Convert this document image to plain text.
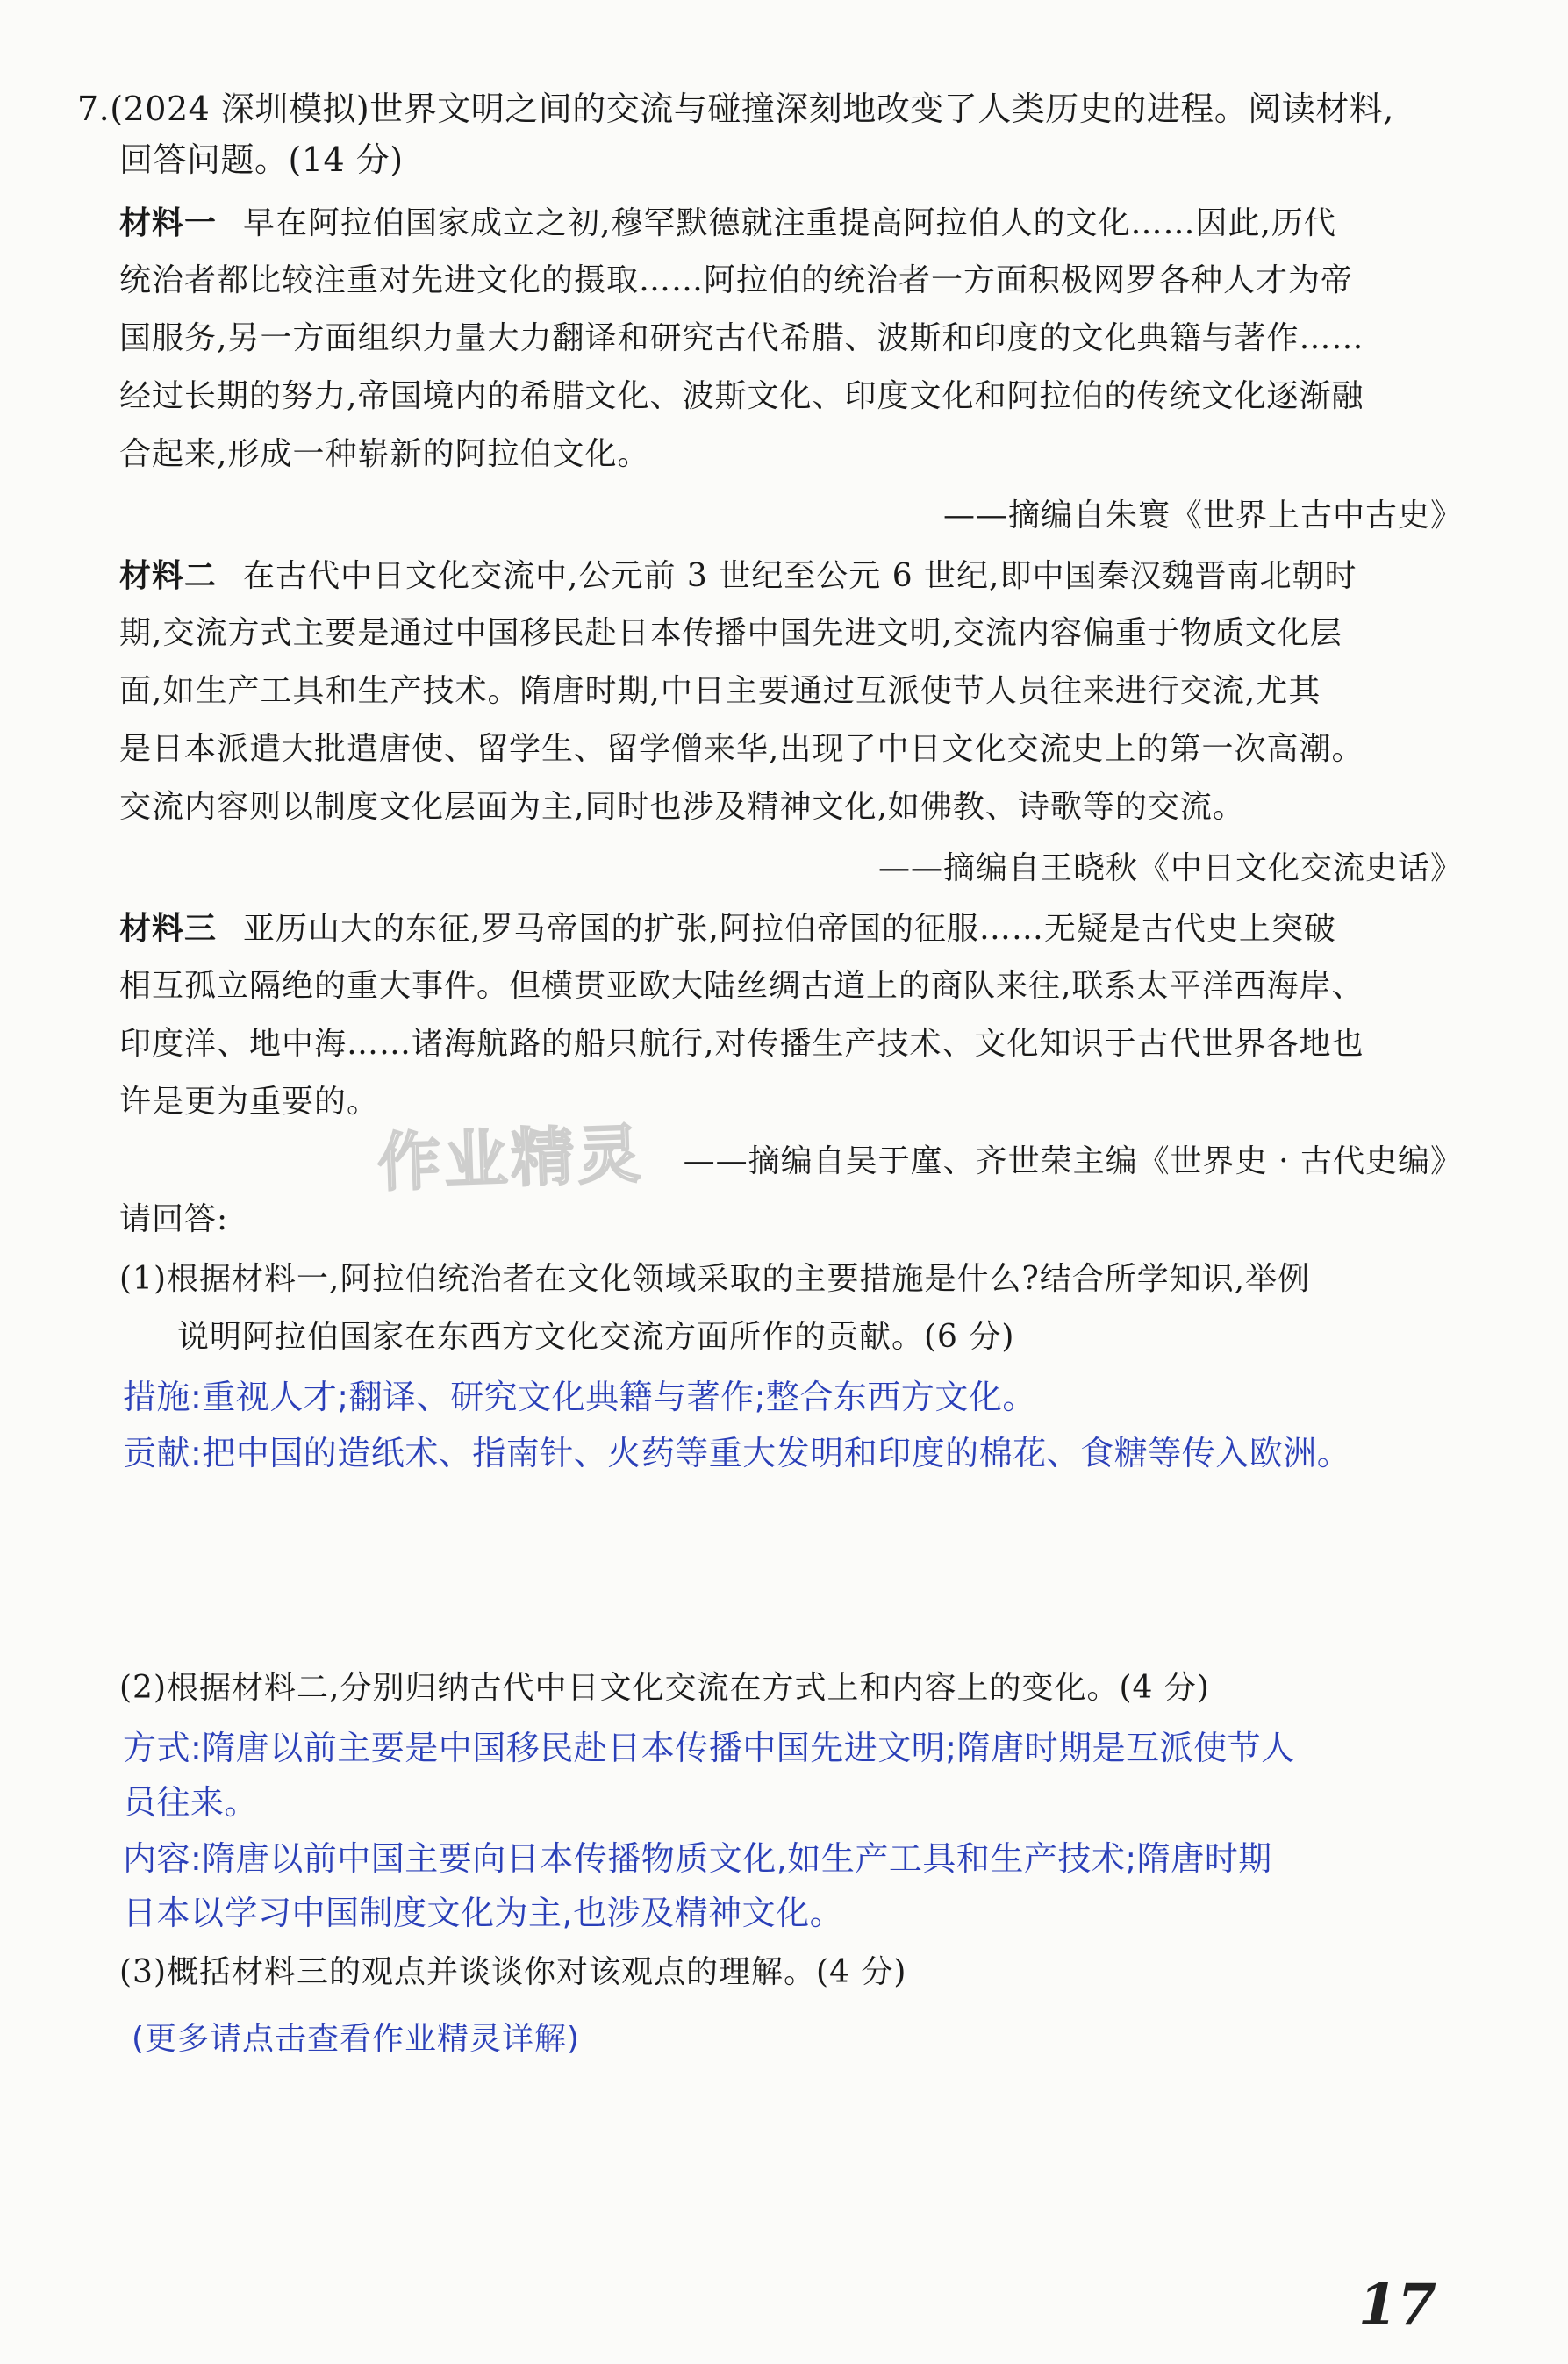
7.(2024 深圳模拟)世界文明之间的交流与碰撞深刻地改变了人类历史的进程。阅读材料,
回答问题。(14 分)
材料一 早在阿拉伯国家成立之初,穆罕默德就注重提高阿拉伯人的文化……因此,历代
统治者都比较注重对先进文化的摄取……阿拉伯的统治者一方面积极网罗各种人才为帝
国服务,另一方面组织力量大力翻译和研究古代希腊、波斯和印度的文化典籍与著作……
经过长期的努力,帝国境内的希腊文化、波斯文化、印度文化和阿拉伯的传统文化逐渐融
合起来,形成一种崭新的阿拉伯文化。
——摘编自朱寰《世界上古中古史》
材料二 在古代中日文化交流中,公元前 3 世纪至公元 6 世纪,即中国秦汉魏晋南北朝时
期,交流方式主要是通过中国移民赴日本传播中国先进文明,交流内容偏重于物质文化层
面,如生产工具和生产技术。隋唐时期,中日主要通过互派使节人员往来进行交流,尤其
是日本派遣大批遣唐使、留学生、留学僧来华,出现了中日文化交流史上的第一次高潮。
交流内容则以制度文化层面为主,同时也涉及精神文化,如佛教、诗歌等的交流。
——摘编自王晓秋《中日文化交流史话》
材料三 亚历山大的东征,罗马帝国的扩张,阿拉伯帝国的征服……无疑是古代史上突破
相互孤立隔绝的重大事件。但横贯亚欧大陆丝绸古道上的商队来往,联系太平洋西海岸、
印度洋、地中海……诸海航路的船只航行,对传播生产技术、文化知识于古代世界各地也
许是更为重要的。
——摘编自吴于廑、齐世荣主编《世界史 · 古代史编》
作业精灵
请回答:
(1)根据材料一,阿拉伯统治者在文化领域采取的主要措施是什么?结合所学知识,举例
说明阿拉伯国家在东西方文化交流方面所作的贡献。(6 分)
措施:重视人才;翻译、研究文化典籍与著作;整合东西方文化。
贡献:把中国的造纸术、指南针、火药等重大发明和印度的棉花、食糖等传入欧洲。
(2)根据材料二,分别归纳古代中日文化交流在方式上和内容上的变化。(4 分)
方式:隋唐以前主要是中国移民赴日本传播中国先进文明;隋唐时期是互派使节人
员往来。
内容:隋唐以前中国主要向日本传播物质文化,如生产工具和生产技术;隋唐时期
日本以学习中国制度文化为主,也涉及精神文化。
(3)概括材料三的观点并谈谈你对该观点的理解。(4 分)
(更多请点击查看作业精灵详解)
17
